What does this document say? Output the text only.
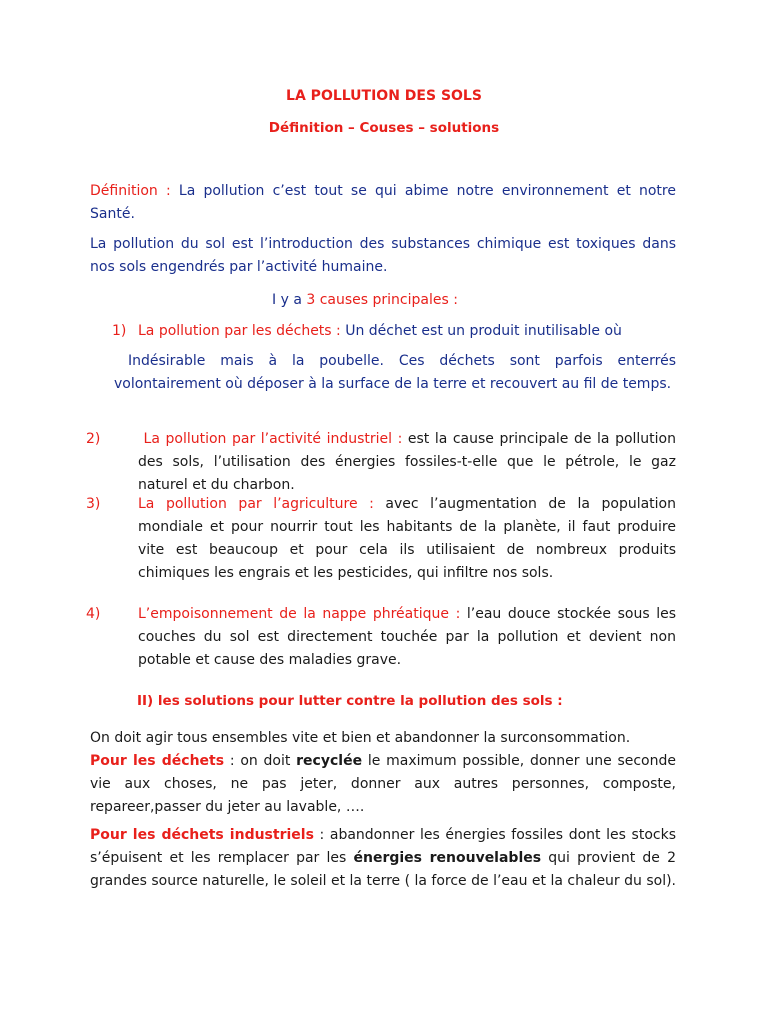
LA POLLUTION DES SOLS
Définition – Couses – solutions

Définition : La pollution c’est tout se qui abime notre environnement et notre Santé.

La pollution du sol est l’introduction des substances chimique est toxiques dans nos sols engendrés par l’activité humaine.

I y a 3 causes principales :

1) La pollution par les déchets : Un déchet est un produit inutilisable où

Indésirable mais à la poubelle. Ces déchets sont parfois enterrés volontairement où déposer à la surface de la terre et recouvert au fil de temps.

2)	La pollution par l’activité industriel : est la cause principale de la pollution des sols, l’utilisation des énergies fossiles-t-elle que le pétrole, le gaz naturel et du charbon.

3)	La pollution par l’agriculture : avec l’augmentation de la population mondiale et pour nourrir tout les habitants de la planète, il faut produire vite est beaucoup et pour cela ils utilisaient de nombreux produits chimiques les engrais et les pesticides, qui infiltre nos sols.

4)	L’empoisonnement de la nappe phréatique : l’eau douce stockée sous les couches du sol est directement touchée par la pollution et devient non potable et cause des maladies grave.

II) les solutions pour lutter contre la pollution des sols :

On doit agir tous ensembles vite et bien et abandonner la surconsommation.

Pour les déchets : on doit recyclée le maximum possible, donner une seconde vie aux choses, ne pas jeter, donner aux autres personnes, composte, repareer,passer du jeter au lavable, ….

Pour les déchets industriels : abandonner les énergies fossiles dont les stocks s’épuisent et les remplacer par les énergies renouvelables qui provient de 2 grandes source naturelle, le soleil et la terre ( la force de l’eau et la chaleur du sol).
